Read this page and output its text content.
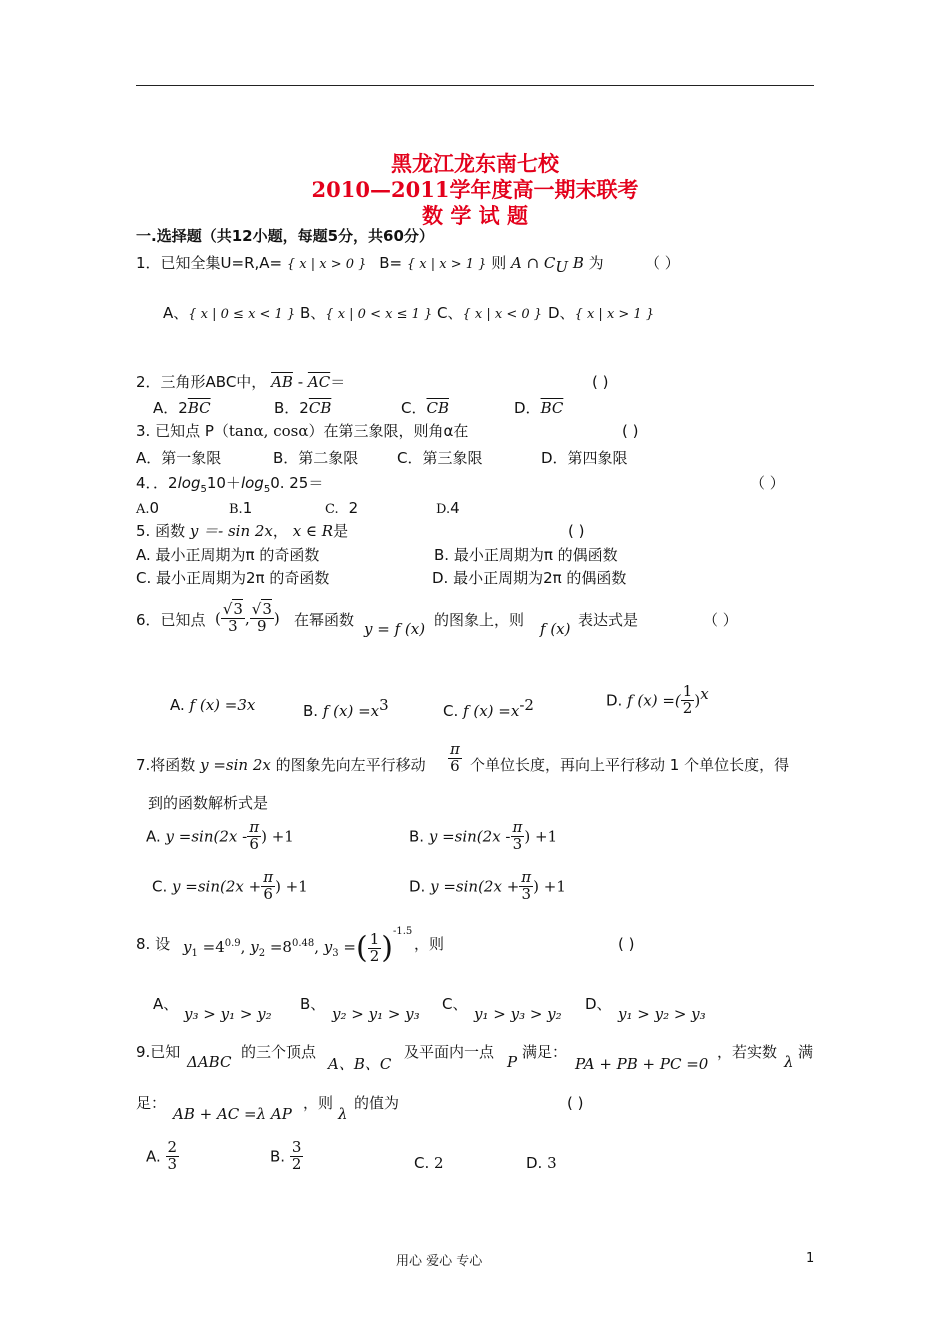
黑龙江龙东南七校
2010—2011学年度高一期末联考
数 学 试 题
一.选择题（共12小题，每题5分，共60分）
1．已知全集U=R,A= { x | x > 0 } B= { x | x > 1 } 则 A ∩ $C_U$ B 为	（ ）
A、{ x | 0 ≤ x < 1 } B、{ x | 0 < x ≤ 1 } C、{ x | x < 0 } D、{ x | x > 1 }
2．三角形ABC中， $\overline{AB} - \overline{AC}=$	( )
A．$2\overline{BC}$	B．$2\overline{CB}$	C．$\overline{CB}$	D．$\overline{BC}$
3. 已知点 P（tanα, cosα）在第三象限，则角α在	( )
A．第一象限	B．第二象限	C．第三象限	D．第四象限
4．．$2\log_510+\log_50$. 25＝	（ ）
A.0	B.1	C. 2	D.4
5. 函数 y ＝- sin 2x， x ∈ R是	( )
A. 最小正周期为π 的奇函数	B. 最小正周期为π 的偶函数
C. 最小正周期为2π 的奇函数	D. 最小正周期为2π 的偶函数
6．已知点 ( $\frac{√3}{3}$ , $\frac{√3}{9}$ ) 在幂函数 y = f (x) 的图象上，则 f (x) 表达式是	（ ）
A. f (x) =3x	B. f $(x) =x^3$	C. f $(x) =x^{-2}$	D. f (x) =( $\frac{1}{2} )^x$
7.将函数 y =sin 2x 的图象先向左平行移动 $\frac{\pi}{6}$ 个单位长度，再向上平行移动 1 个单位长度，得
到的函数解析式是
A. $y =\sin(2x - \frac{\pi}{6}$ ) +1	B. $y =\sin(2x - \frac{\pi}{3}$ ) +1
C. $y =\sin(2x + \frac{\pi}{6}$ ) +1	D. $y =\sin(2x + \frac{\pi}{3}$ ) +1
8. 设 $y_1 =4^{0.9}$, $y_2 =8^{0.48}$, $y_3$ =( $\frac{1}{2} )^{-1.5}$
，则	( )
A、
y₃ > y₁ > y₂
B、
y₂ > y₁ > y₃
C、
y₁ > y₃ > y₂
D、
y₁ > y₂ > y₃
9.已知
ΔABC
的三个顶点
A、B、C
及平面内一点
P
满足：
PA + PB + PC =0
，若实数
λ
满
足：
AB + AC =λ AP
，则
λ
的值为	( )
A. $\frac{2}{3}$	B. $\frac{3}{2}$	C. 2	D. 3
用心 爱心 专心	1
